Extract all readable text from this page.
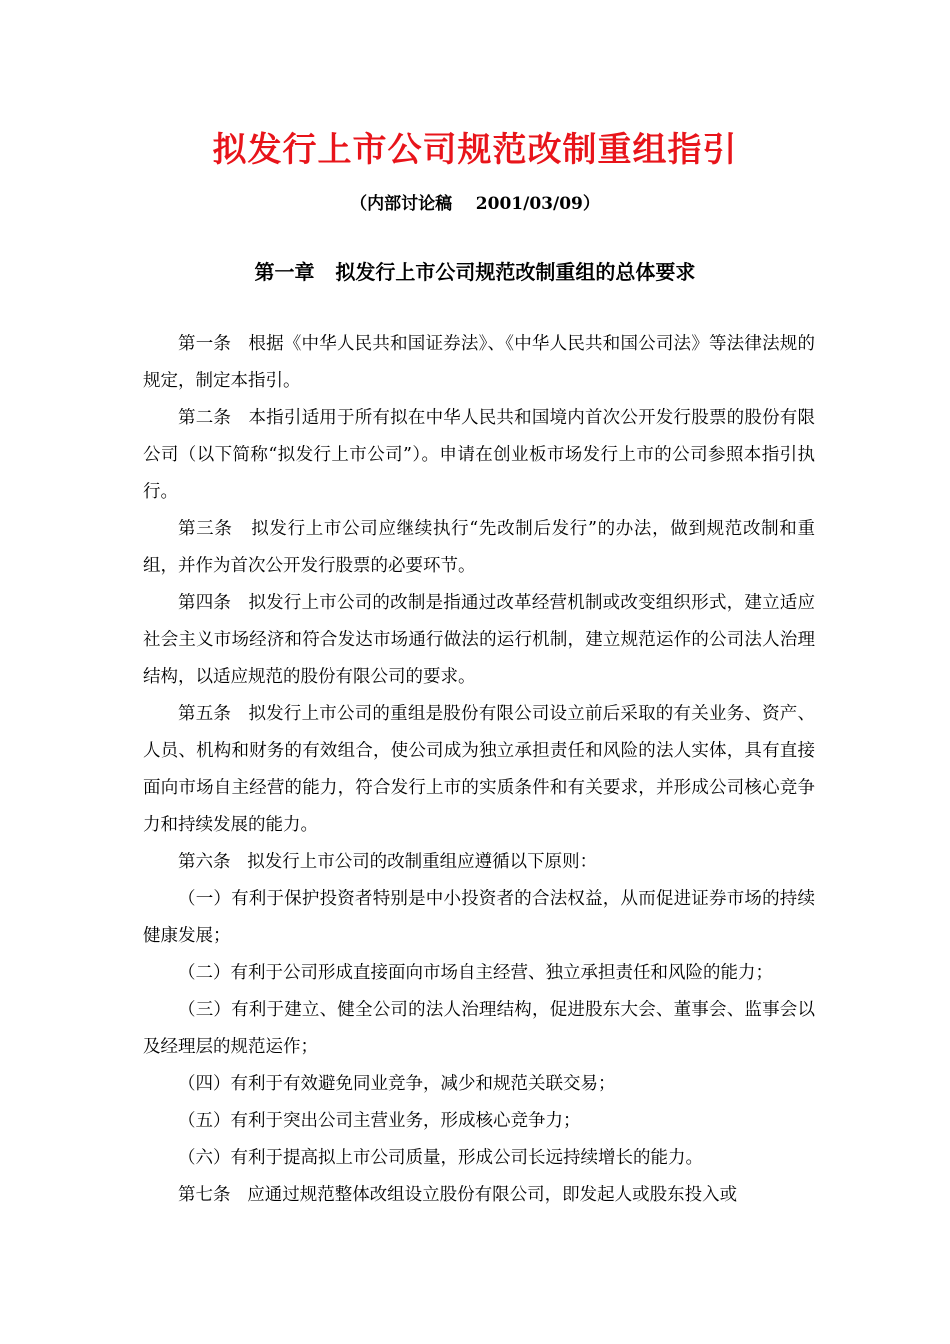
拟发行上市公司规范改制重组指引
（内部讨论稿    2001/03/09）
第一章   拟发行上市公司规范改制重组的总体要求

第一条   根据《中华人民共和国证券法》、《中华人民共和国公司法》等法律法规的规定，制定本指引。

第二条   本指引适用于所有拟在中华人民共和国境内首次公开发行股票的股份有限公司（以下简称“拟发行上市公司”）。申请在创业板市场发行上市的公司参照本指引执行。

第三条   拟发行上市公司应继续执行“先改制后发行”的办法，做到规范改制和重组，并作为首次公开发行股票的必要环节。

第四条   拟发行上市公司的改制是指通过改革经营机制或改变组织形式，建立适应社会主义市场经济和符合发达市场通行做法的运行机制，建立规范运作的公司法人治理结构，以适应规范的股份有限公司的要求。

第五条   拟发行上市公司的重组是股份有限公司设立前后采取的有关业务、资产、人员、机构和财务的有效组合，使公司成为独立承担责任和风险的法人实体，具有直接面向市场自主经营的能力，符合发行上市的实质条件和有关要求，并形成公司核心竞争力和持续发展的能力。

第六条   拟发行上市公司的改制重组应遵循以下原则：

（一）有利于保护投资者特别是中小投资者的合法权益，从而促进证券市场的持续健康发展；

（二）有利于公司形成直接面向市场自主经营、独立承担责任和风险的能力；

（三）有利于建立、健全公司的法人治理结构，促进股东大会、董事会、监事会以及经理层的规范运作；

（四）有利于有效避免同业竞争，减少和规范关联交易；

（五）有利于突出公司主营业务，形成核心竞争力；

（六）有利于提高拟上市公司质量，形成公司长远持续增长的能力。

第七条   应通过规范整体改组设立股份有限公司，即发起人或股东投入或
